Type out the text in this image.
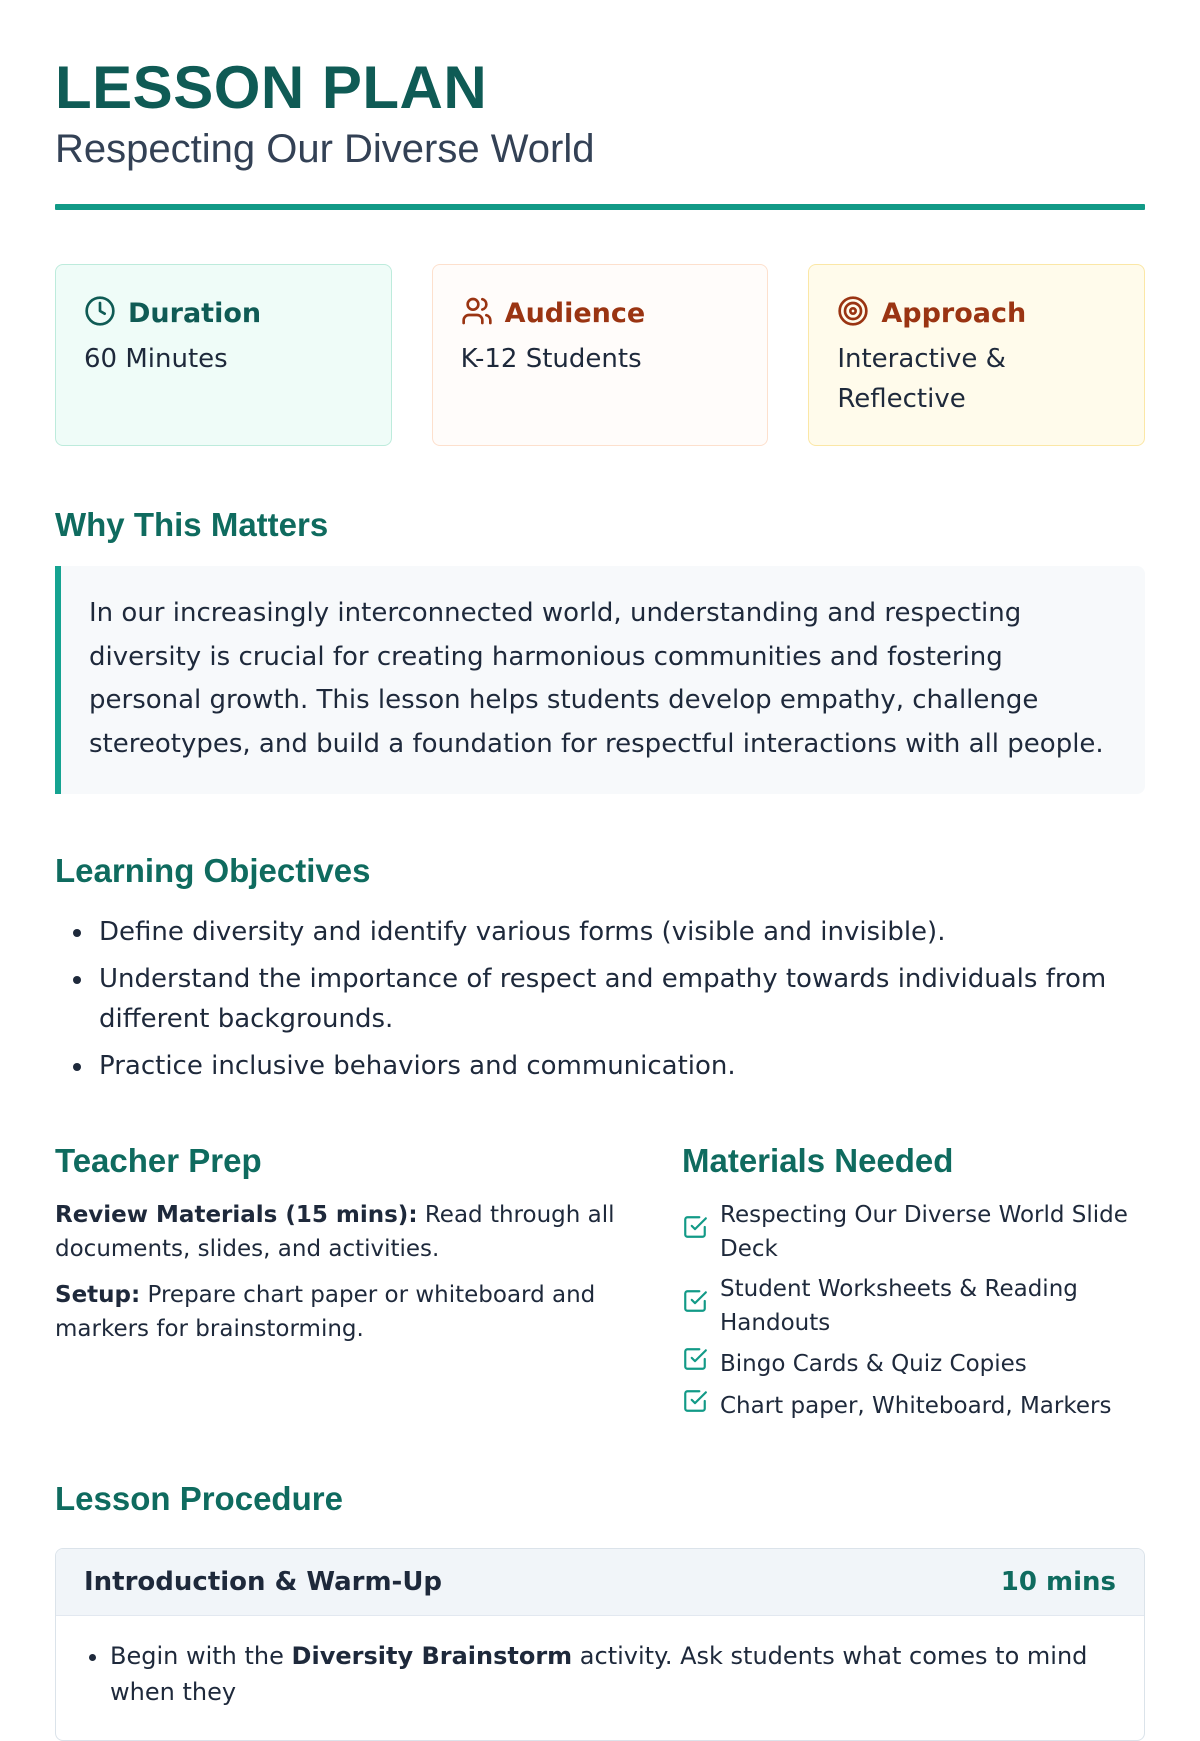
LESSON PLAN
Respecting Our Diverse World
Duration
60 Minutes
Audience
K-12 Students
Approach
Interactive & Reflective
Why This Matters
In our increasingly interconnected world, understanding and respecting diversity is crucial for creating harmonious communities and fostering personal growth. This lesson helps students develop empathy, challenge stereotypes, and build a foundation for respectful interactions with all people.
Learning Objectives
• Define diversity and identify various forms (visible and invisible).
• Understand the importance of respect and empathy towards individuals from different backgrounds.
• Practice inclusive behaviors and communication.
Teacher Prep

Review Materials (15 mins): Read through all documents, slides, and activities.

Setup: Prepare chart paper or whiteboard and markers for brainstorming.

Materials Needed
Respecting Our Diverse World Slide Deck
Student Worksheets & Reading Handouts
Bingo Cards & Quiz Copies
Chart paper, Whiteboard, Markers
Lesson Procedure
Introduction & Warm-Up	10 mins
• Begin with the Diversity Brainstorm activity. Ask students what comes to mind when they
